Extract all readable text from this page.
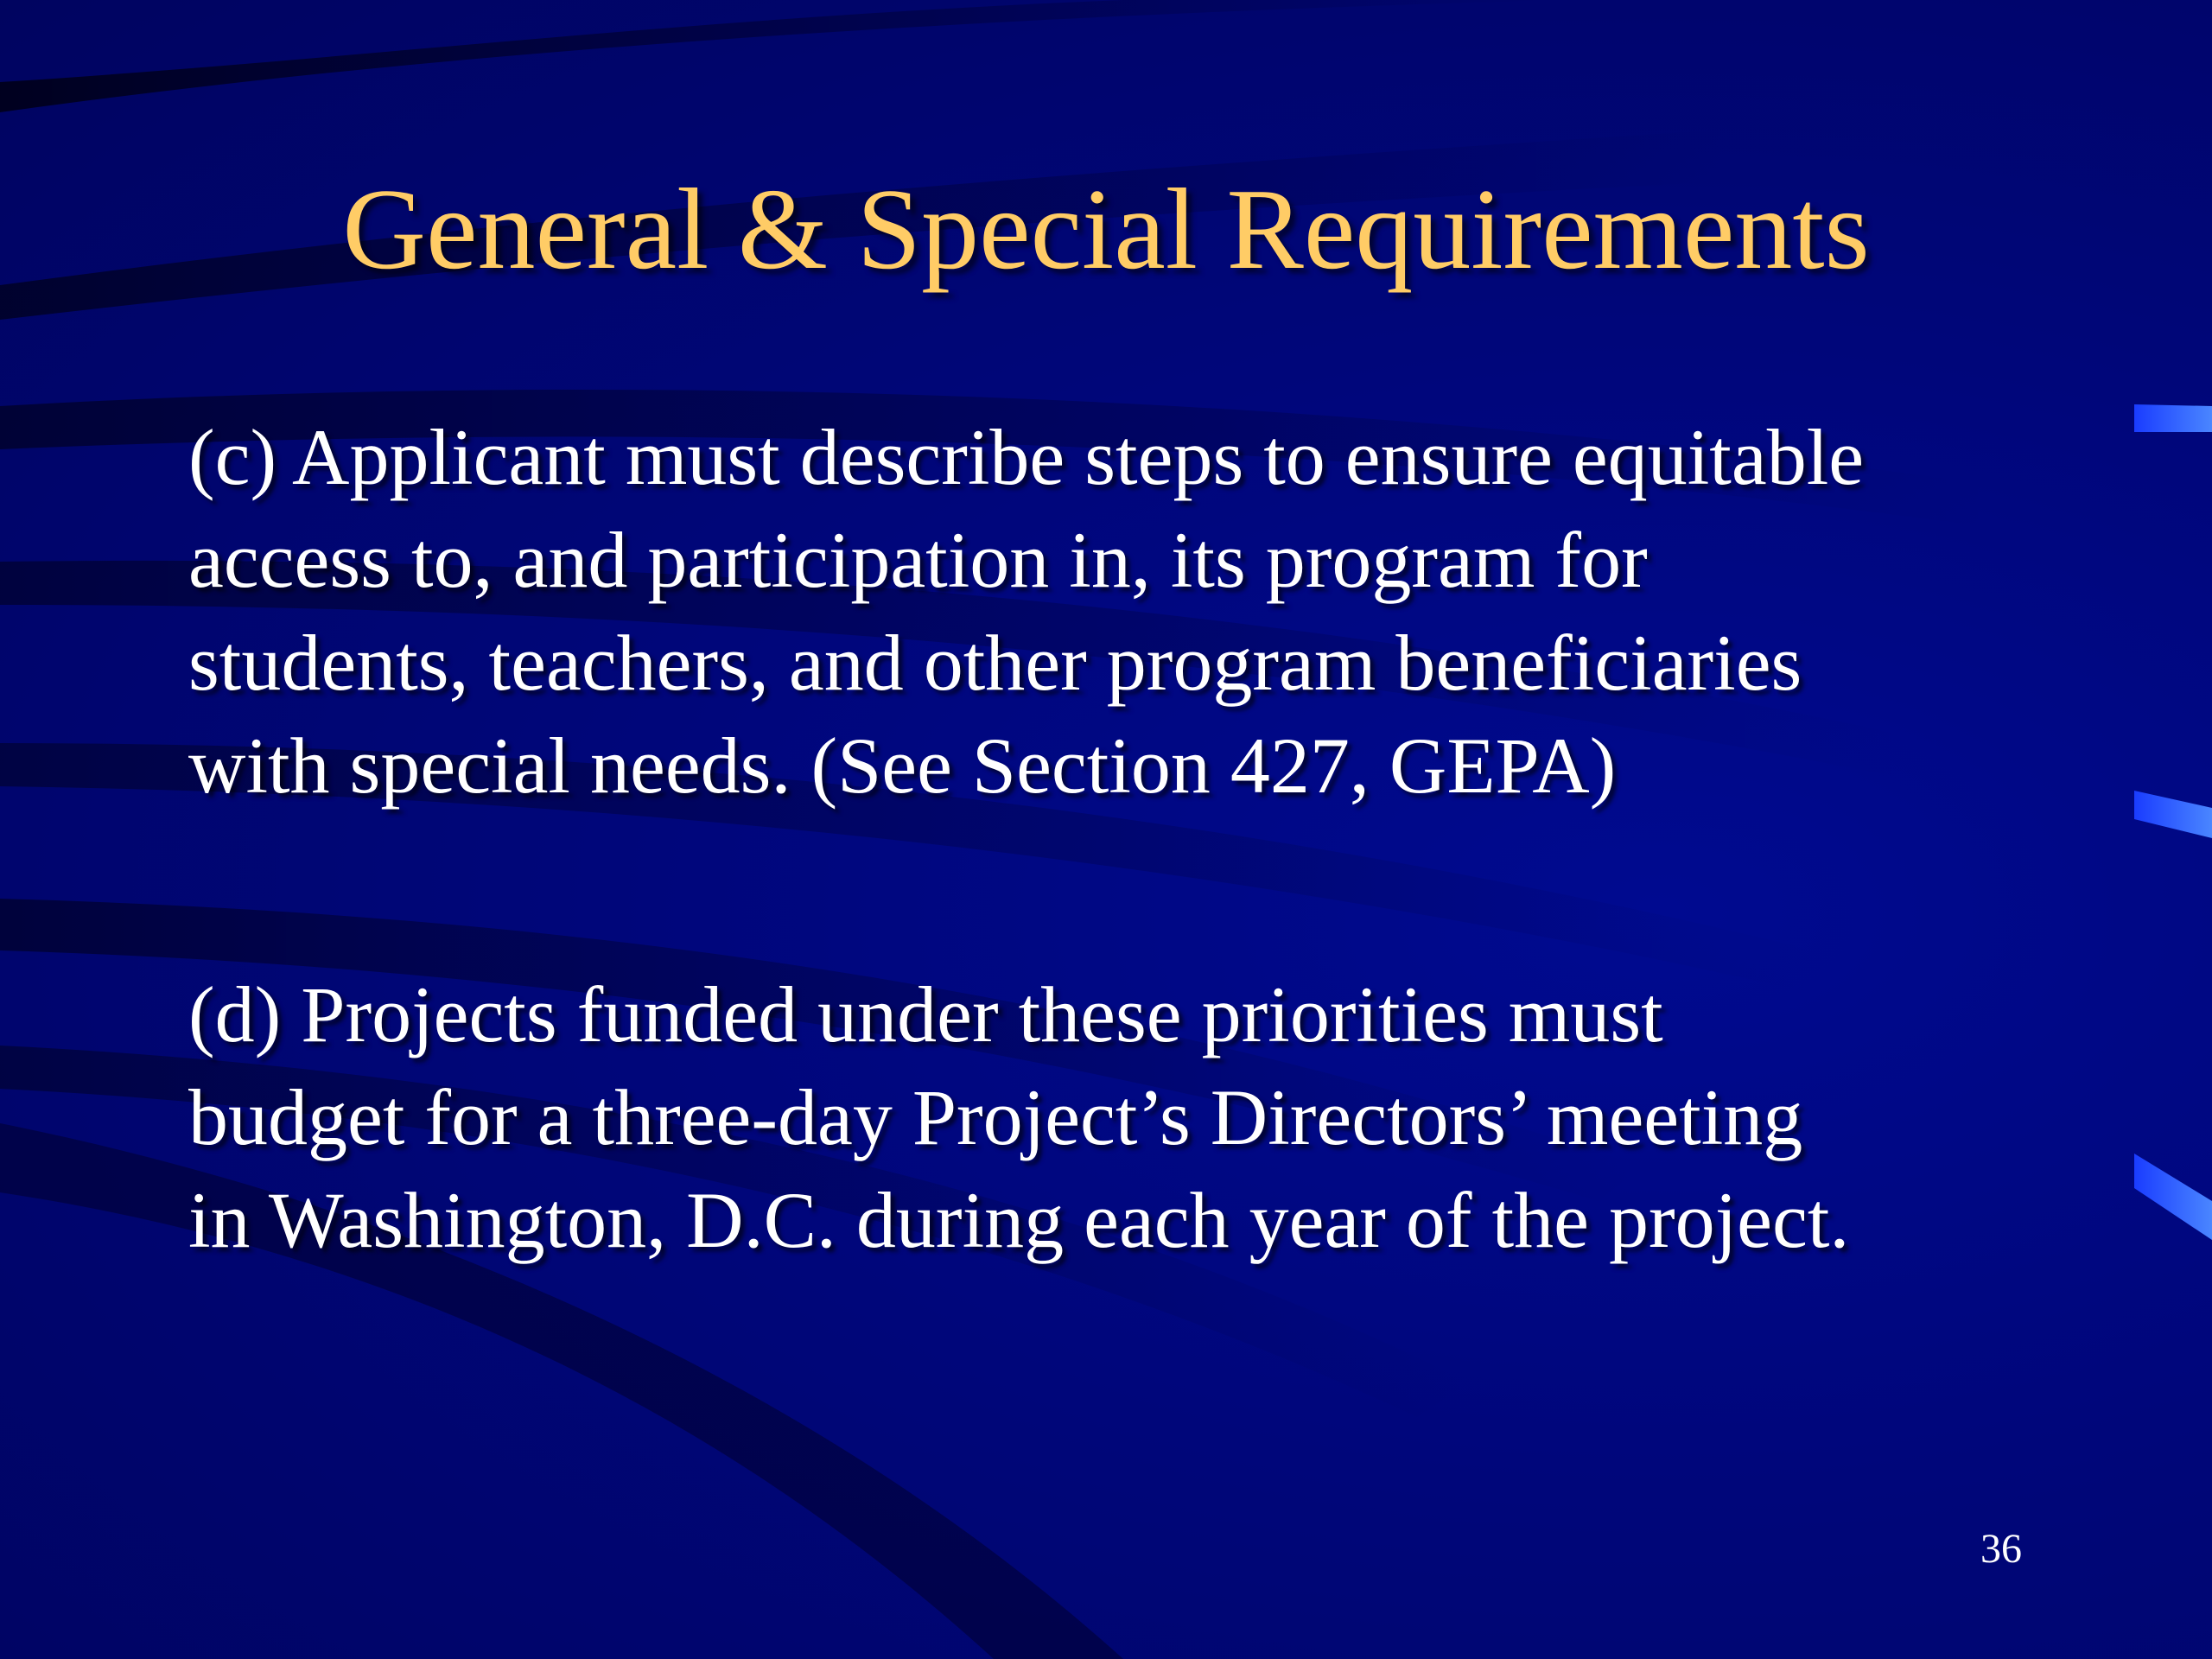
General & Special Requirements

(c) Applicant must describe steps to ensure equitable
access to, and participation in, its program for
students, teachers, and other program beneficiaries
with special needs. (See Section 427, GEPA)

(d) Projects funded under these priorities must
budget for a three-day Project’s Directors’ meeting
in Washington, D.C. during each year of the project.

36
